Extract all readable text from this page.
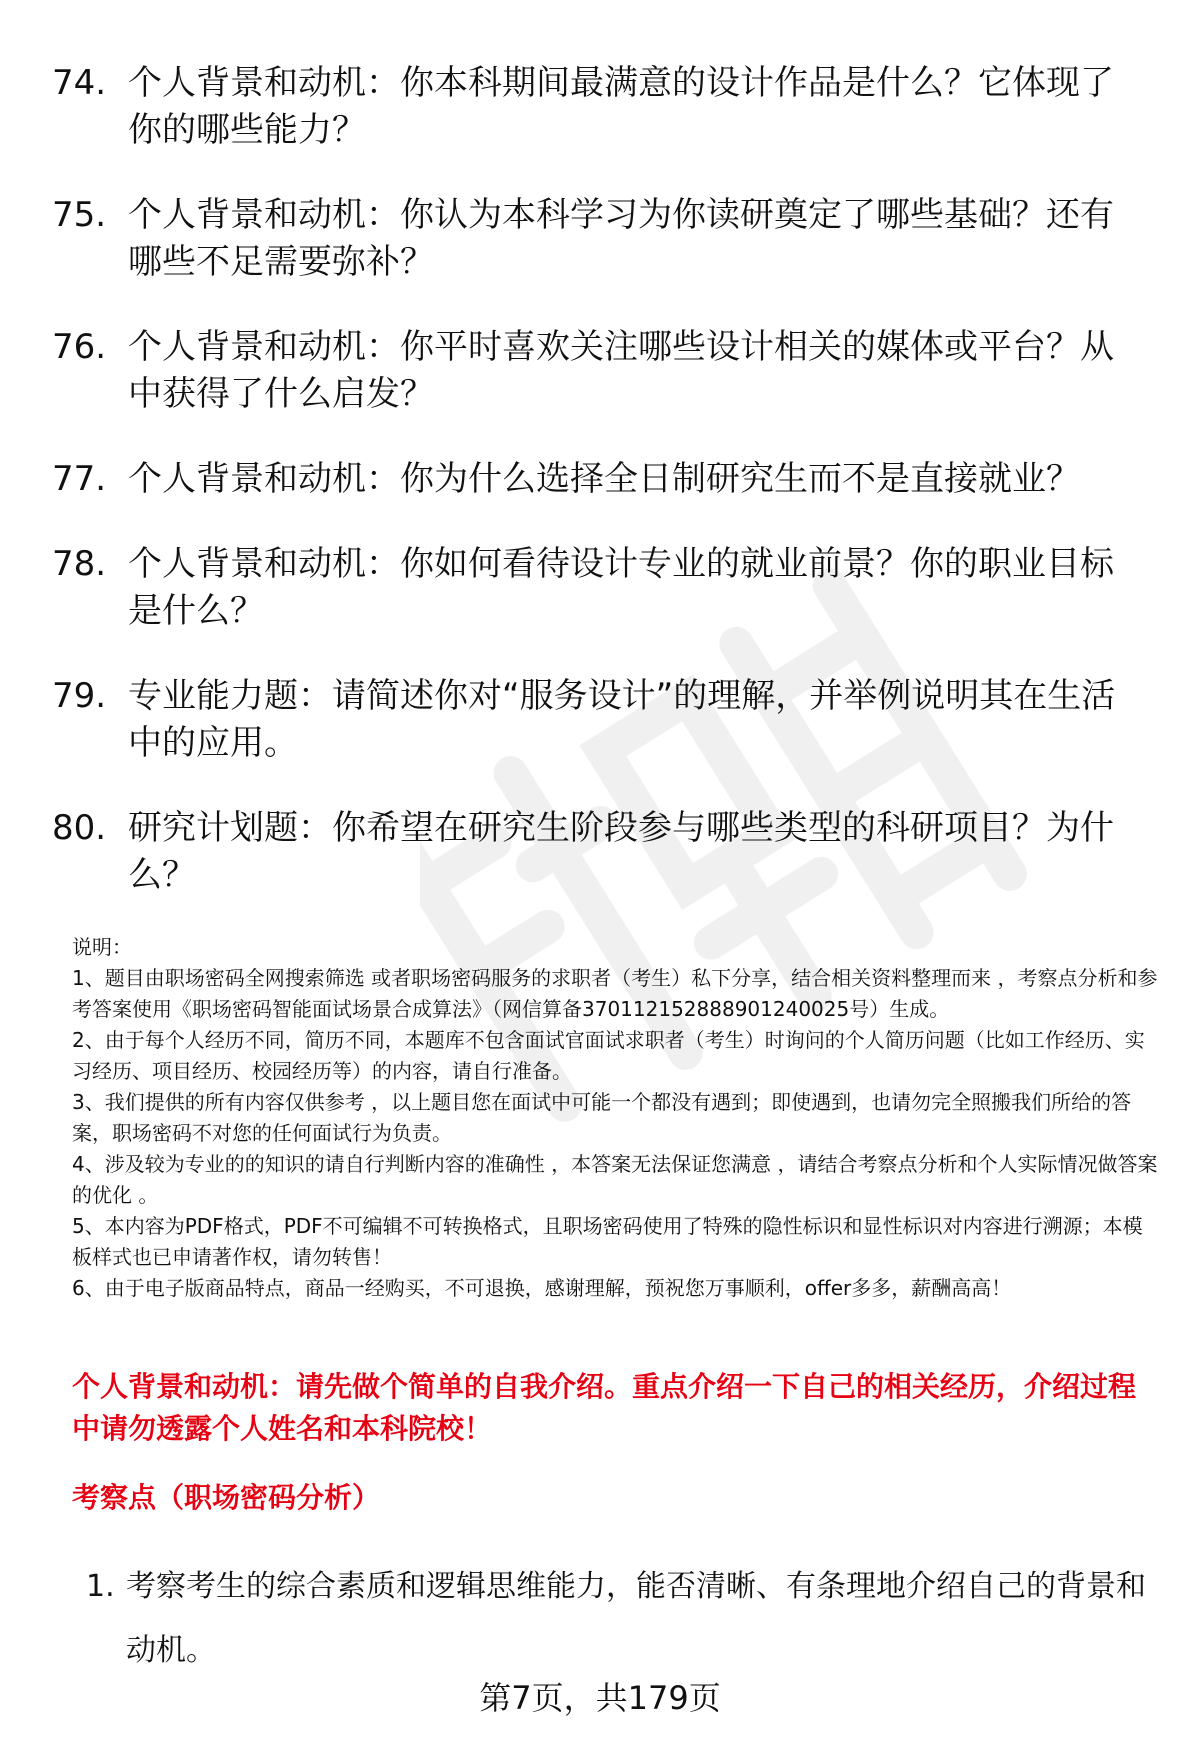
74. 个人背景和动机：你本科期间最满意的设计作品是什么？它体现了你的哪些能力？
75. 个人背景和动机：你认为本科学习为你读研奠定了哪些基础？还有哪些不足需要弥补？
76. 个人背景和动机：你平时喜欢关注哪些设计相关的媒体或平台？从中获得了什么启发？
77. 个人背景和动机：你为什么选择全日制研究生而不是直接就业？
78. 个人背景和动机：你如何看待设计专业的就业前景？你的职业目标是什么？
79. 专业能力题：请简述你对“服务设计”的理解，并举例说明其在生活中的应用。
80. 研究计划题：你希望在研究生阶段参与哪些类型的科研项目？为什么？

说明：

1、题目由职场密码全网搜索筛选 或者职场密码服务的求职者（考生）私下分享，结合相关资料整理而来 ，考察点分析和参考答案使用《职场密码智能面试场景合成算法》（网信算备370112152888901240025号）生成。

2、由于每个人经历不同，简历不同，本题库不包含面试官面试求职者（考生）时询问的个人简历问题（比如工作经历、实习经历、项目经历、校园经历等）的内容，请自行准备。

3、我们提供的所有内容仅供参考 ，以上题目您在面试中可能一个都没有遇到；即使遇到，也请勿完全照搬我们所给的答案，职场密码不对您的任何面试行为负责。

4、涉及较为专业的的知识的请自行判断内容的准确性 ，本答案无法保证您满意 ，请结合考察点分析和个人实际情况做答案的优化 。

5、本内容为PDF格式，PDF不可编辑不可转换格式，且职场密码使用了特殊的隐性标识和显性标识对内容进行溯源；本模板样式也已申请著作权，请勿转售！

6、由于电子版商品特点，商品一经购买，不可退换，感谢理解，预祝您万事顺利，offer多多，薪酬高高！

个人背景和动机：请先做个简单的自我介绍。重点介绍一下自己的相关经历，介绍过程中请勿透露个人姓名和本科院校！
考察点（职场密码分析）
1. 考察考生的综合素质和逻辑思维能力，能否清晰、有条理地介绍自己的背景和动机。
第7页，共179页
